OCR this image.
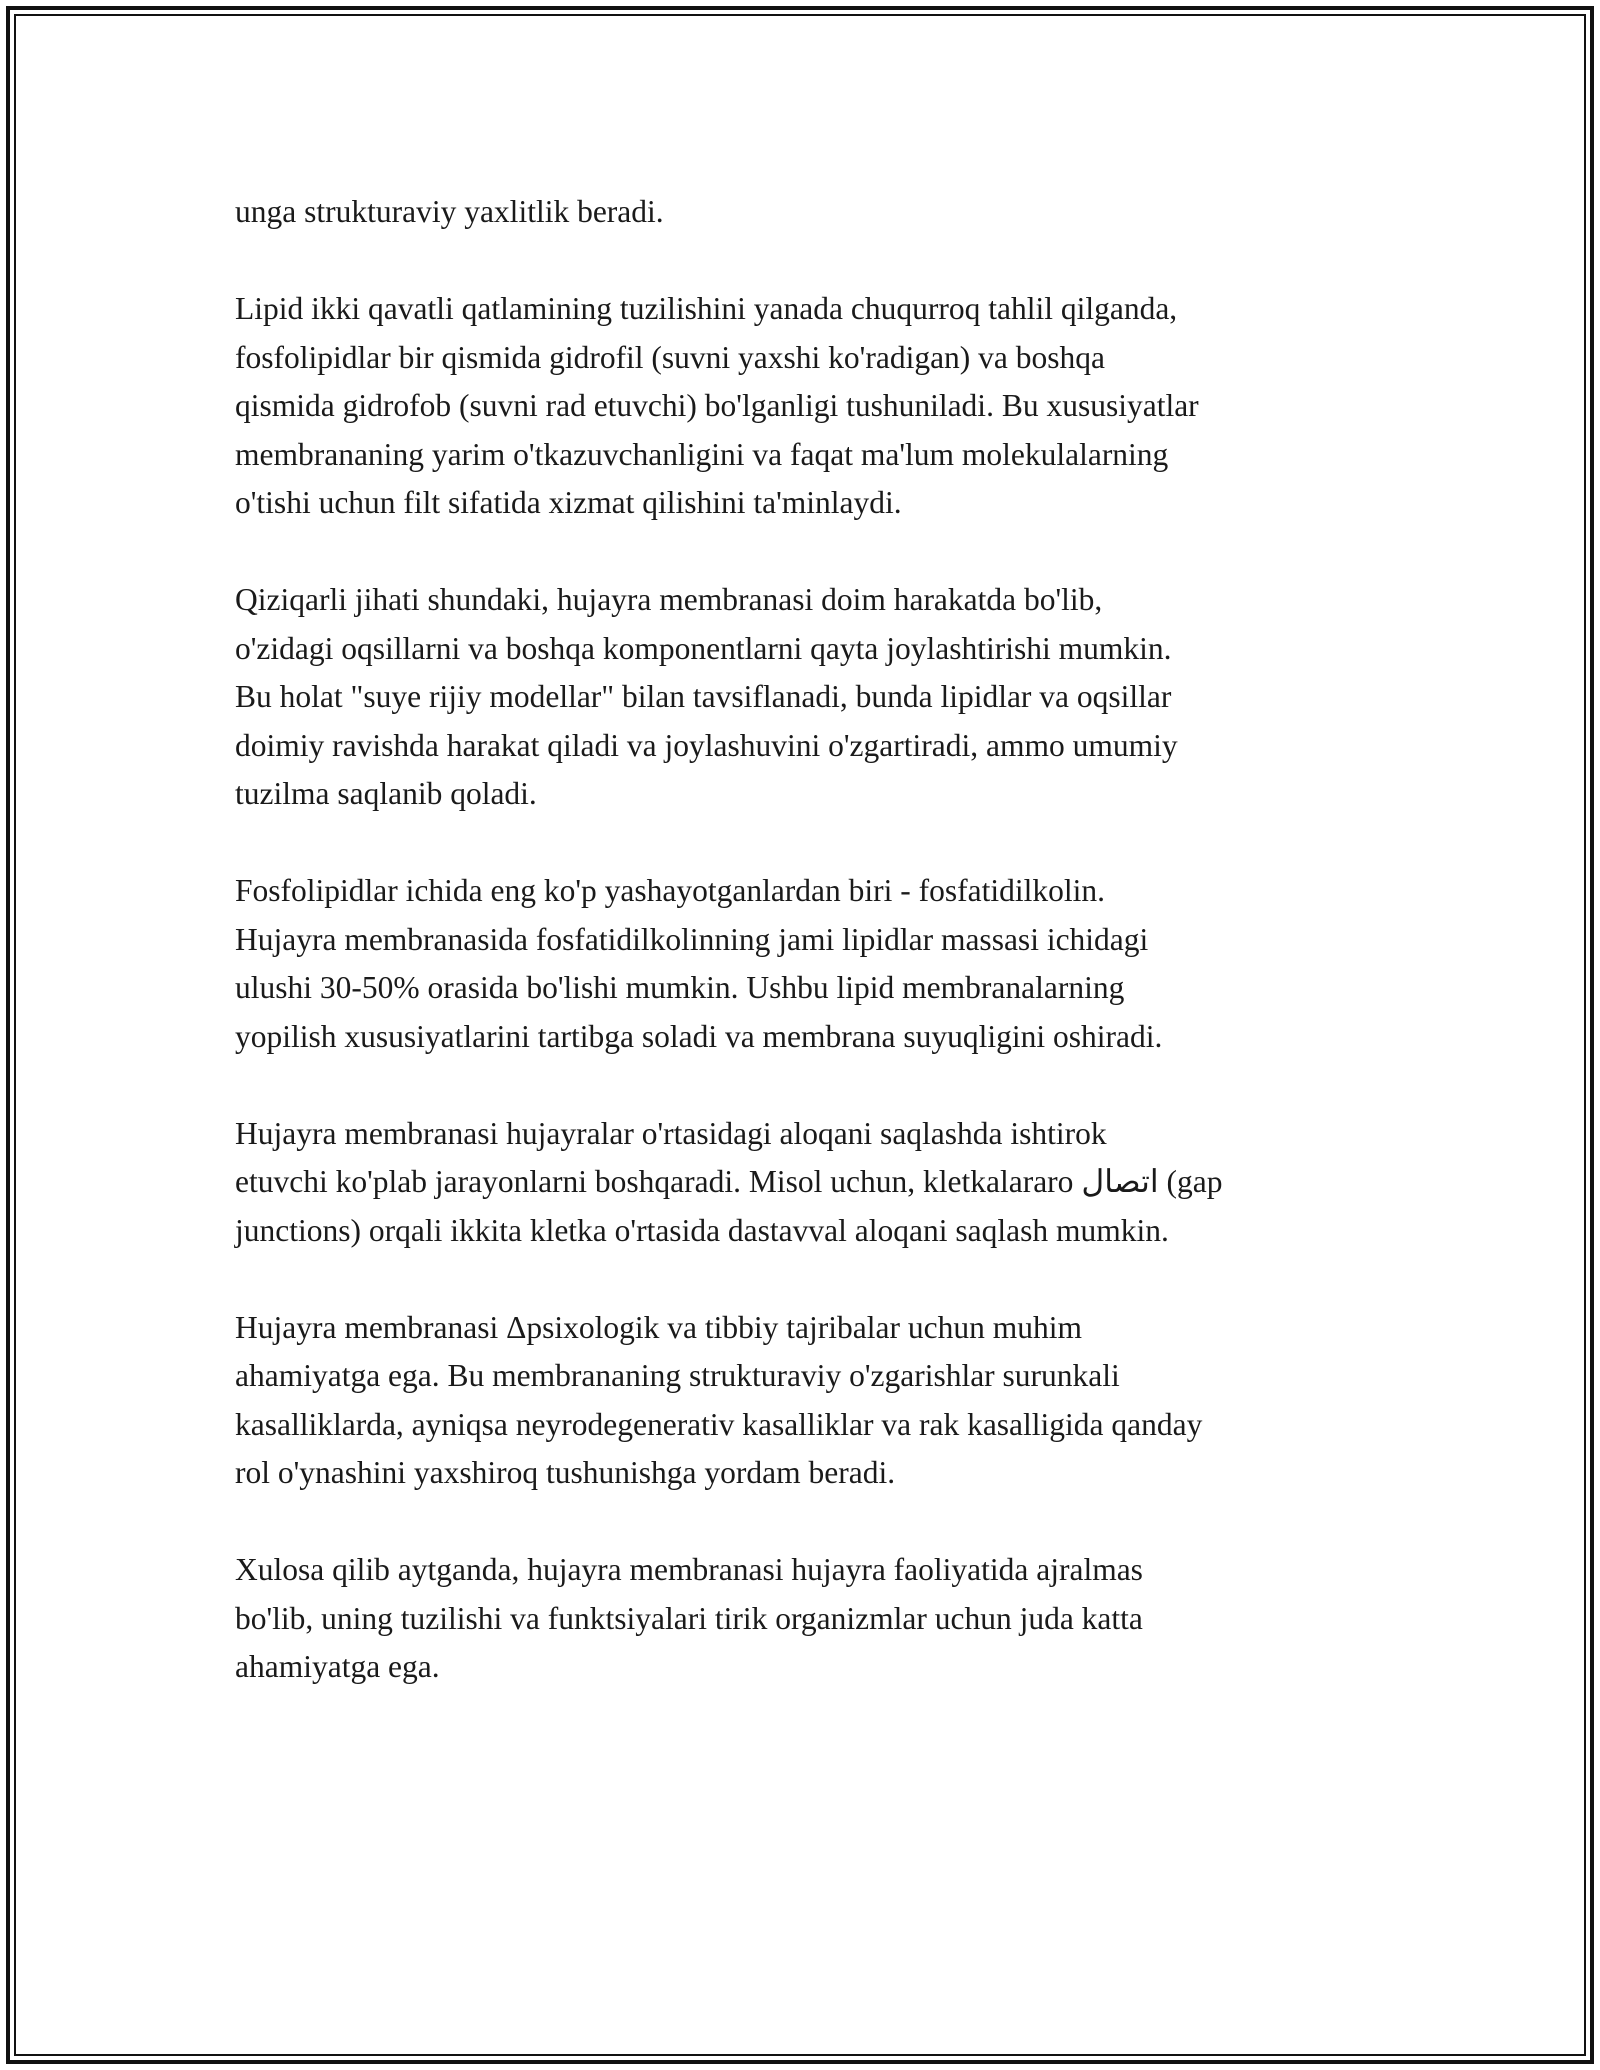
unga strukturaviy yaxlitlik beradi.

Lipid ikki qavatli qatlamining tuzilishini yanada chuqurroq tahlil qilganda,
fosfolipidlar bir qismida gidrofil (suvni yaxshi ko'radigan) va boshqa
qismida gidrofob (suvni rad etuvchi) bo'lganligi tushuniladi. Bu xususiyatlar
membrananing yarim o'tkazuvchanligini va faqat ma'lum molekulalarning
o'tishi uchun filt sifatida xizmat qilishini ta'minlaydi.

Qiziqarli jihati shundaki, hujayra membranasi doim harakatda bo'lib,
o'zidagi oqsillarni va boshqa komponentlarni qayta joylashtirishi mumkin.
Bu holat "suye rijiy modellar" bilan tavsiflanadi, bunda lipidlar va oqsillar
doimiy ravishda harakat qiladi va joylashuvini o'zgartiradi, ammo umumiy
tuzilma saqlanib qoladi.

Fosfolipidlar ichida eng ko'p yashayotganlardan biri - fosfatidilkolin.
Hujayra membranasida fosfatidilkolinning jami lipidlar massasi ichidagi
ulushi 30-50% orasida bo'lishi mumkin. Ushbu lipid membranalarning
yopilish xususiyatlarini tartibga soladi va membrana suyuqligini oshiradi.

Hujayra membranasi hujayralar o'rtasidagi aloqani saqlashda ishtirok
etuvchi ko'plab jarayonlarni boshqaradi. Misol uchun, kletkalararo اتصال (gap
junctions) orqali ikkita kletka o'rtasida dastavval aloqani saqlash mumkin.

Hujayra membranasi Δpsixologik va tibbiy tajribalar uchun muhim
ahamiyatga ega. Bu membrananing strukturaviy o'zgarishlar surunkali
kasalliklarda, ayniqsa neyrodegenerativ kasalliklar va rak kasalligida qanday
rol o'ynashini yaxshiroq tushunishga yordam beradi.

Xulosa qilib aytganda, hujayra membranasi hujayra faoliyatida ajralmas
bo'lib, uning tuzilishi va funktsiyalari tirik organizmlar uchun juda katta
ahamiyatga ega.
